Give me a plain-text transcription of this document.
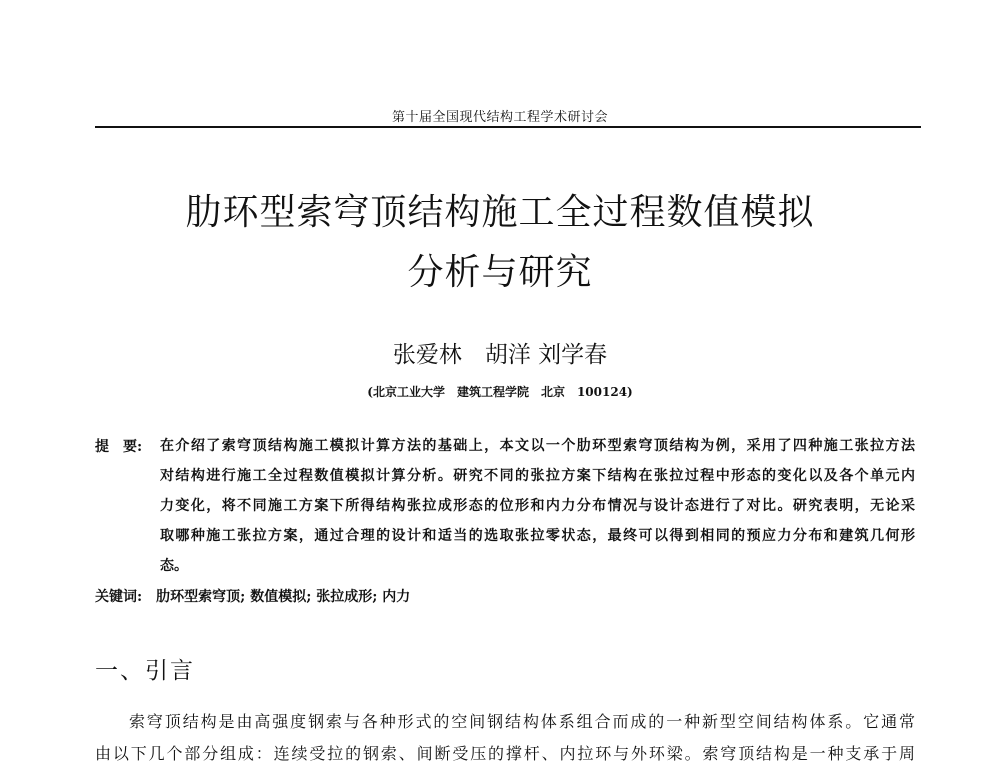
第十届全国现代结构工程学术研讨会
肋环型索穹顶结构施工全过程数值模拟
分析与研究
张爱林　胡洋 刘学春
(北京工业大学　建筑工程学院　北京　100124)
提　要: 在介绍了索穹顶结构施工模拟计算方法的基础上，本文以一个肋环型索穹顶结构为例，采用了四种施工张拉方法
对结构进行施工全过程数值模拟计算分析。研究不同的张拉方案下结构在张拉过程中形态的变化以及各个单元内
力变化，将不同施工方案下所得结构张拉成形态的位形和内力分布情况与设计态进行了对比。研究表明，无论采
取哪种施工张拉方案，通过合理的设计和适当的选取张拉零状态，最终可以得到相同的预应力分布和建筑几何形
态。
关键词:　肋环型索穹顶; 数值模拟; 张拉成形; 内力
一、引言
索穹顶结构是由高强度钢索与各种形式的空间钢结构体系组合而成的一种新型空间结构体系。它通常
由以下几个部分组成：连续受拉的钢索、间断受压的撑杆、内拉环与外环梁。索穹顶结构是一种支承于周
